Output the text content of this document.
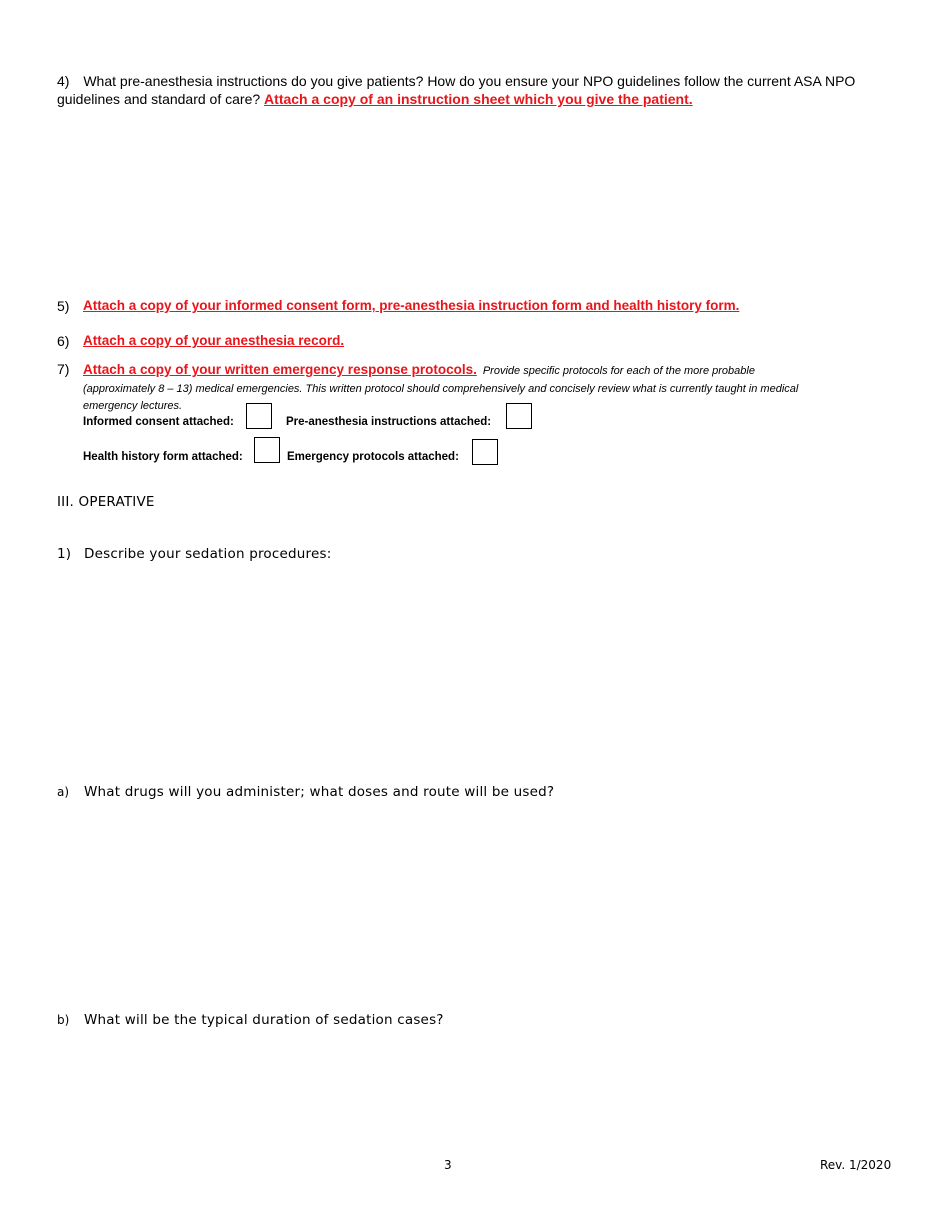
4) What pre-anesthesia instructions do you give patients? How do you ensure your NPO guidelines follow the current ASA NPO guidelines and standard of care? Attach a copy of an instruction sheet which you give the patient.
5)	Attach a copy of your informed consent form, pre-anesthesia instruction form and health history form.
6)	Attach a copy of your anesthesia record.
7)	Attach a copy of your written emergency response protocols. Provide specific protocols for each of the more probable
(approximately 8 – 13) medical emergencies. This written protocol should comprehensively and concisely review what is currently taught in medical
emergency lectures.
Informed consent attached:	Pre-anesthesia instructions attached:
Health history form attached:	Emergency protocols attached:
III. OPERATIVE
1) Describe your sedation procedures:
a) What drugs will you administer; what doses and route will be used?
b) What will be the typical duration of sedation cases?
3	Rev. 1/2020
